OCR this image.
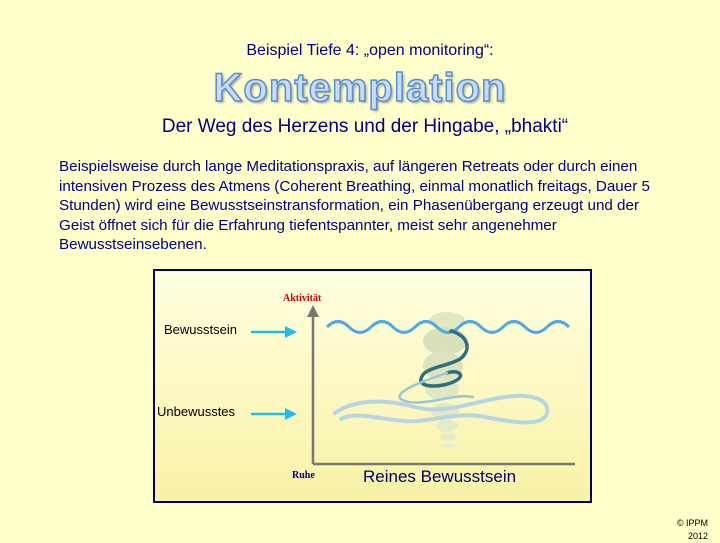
Beispiel Tiefe 4: „open monitoring“:
Kontemplation
Der Weg des Herzens und der Hingabe, „bhakti“
Beispielsweise durch lange Meditationspraxis, auf längeren Retreats oder durch einen intensiven Prozess des Atmens (Coherent Breathing, einmal monatlich freitags, Dauer 5 Stunden) wird eine Bewusstseinstransformation, ein Phasenübergang erzeugt und der Geist öffnet sich für die Erfahrung tiefentspannter, meist sehr angenehmer Bewusstseinsebenen.
Aktivität
Bewusstsein
Unbewusstes
Ruhe	Reines Bewusstsein
© IPPM
2012
